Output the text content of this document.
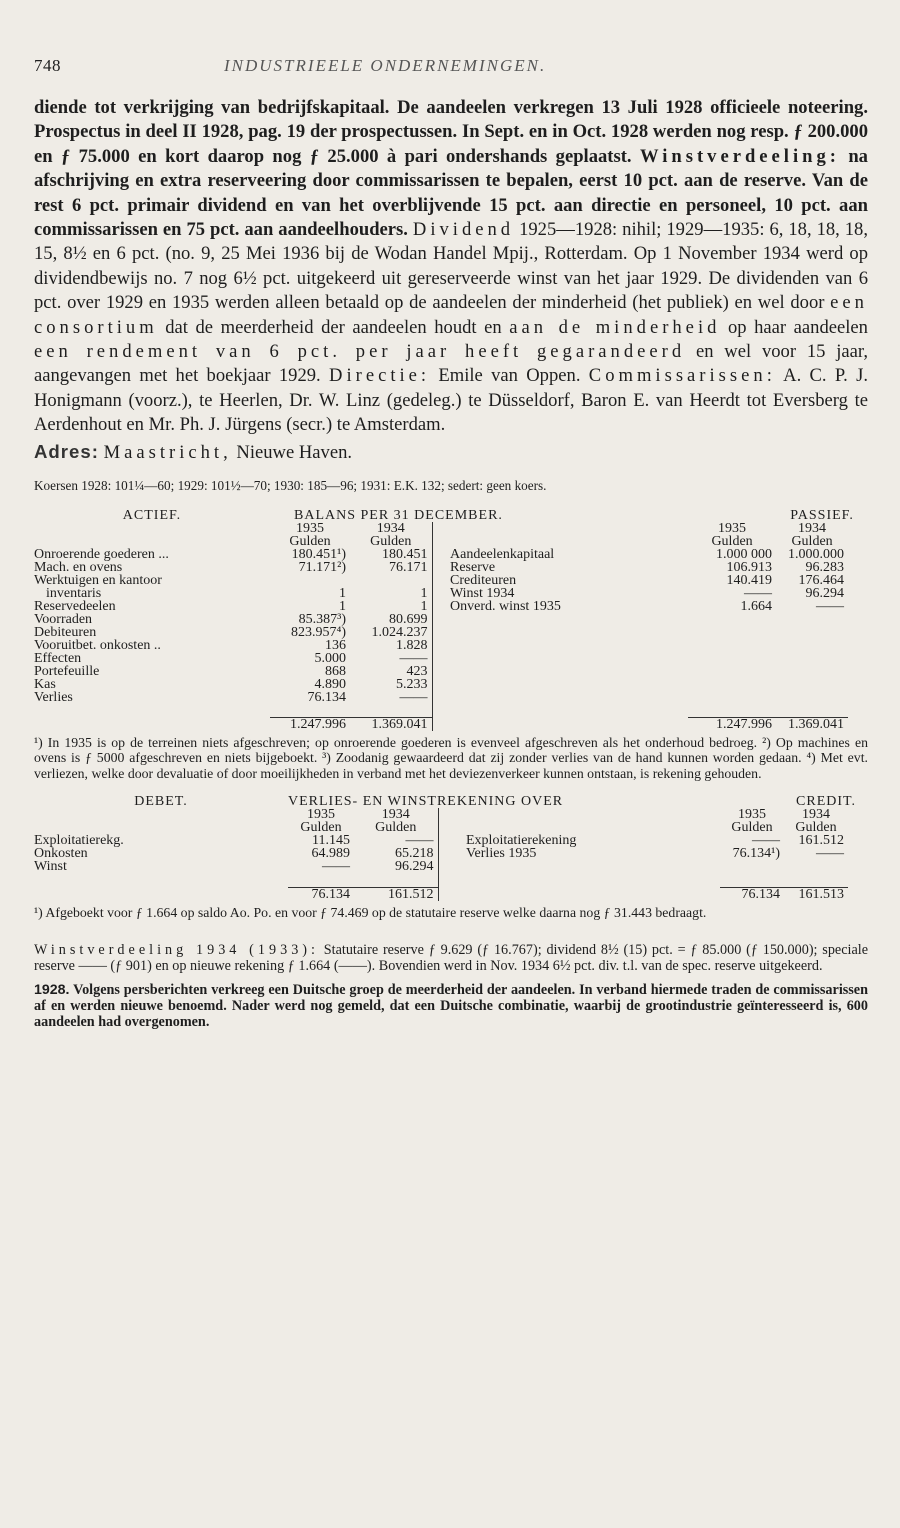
748	INDUSTRIEELE ONDERNEMINGEN.

diende tot verkrijging van bedrijfskapitaal. De aandeelen verkregen 13 Juli 1928 officieele noteering. Prospectus in deel II 1928, pag. 19 der prospectussen. In Sept. en in Oct. 1928 werden nog resp. ƒ 200.000 en ƒ 75.000 en kort daarop nog ƒ 25.000 à pari ondershands geplaatst. Winstverdeeling: na afschrijving en extra reserveering door commissarissen te bepalen, eerst 10 pct. aan de reserve. Van de rest 6 pct. primair dividend en van het overblijvende 15 pct. aan directie en personeel, 10 pct. aan commissarissen en 75 pct. aan aandeelhouders. Dividend 1925—1928: nihil; 1929—1935: 6, 18, 18, 18, 15, 8½ en 6 pct. (no. 9, 25 Mei 1936 bij de Wodan Handel Mpij., Rotterdam. Op 1 November 1934 werd op dividendbewijs no. 7 nog 6½ pct. uitgekeerd uit gereserveerde winst van het jaar 1929. De dividenden van 6 pct. over 1929 en 1935 werden alleen betaald op de aandeelen der minderheid (het publiek) en wel door een consortium dat de meerderheid der aandeelen houdt en aan de minderheid op haar aandeelen een rendement van 6 pct. per jaar heeft gegarandeerd en wel voor 15 jaar, aangevangen met het boekjaar 1929. Directie: Emile van Oppen. Commissarissen: A. C. P. J. Honigmann (voorz.), te Heerlen, Dr. W. Linz (gedeleg.) te Düsseldorf, Baron E. van Heerdt tot Eversberg te Aerdenhout en Mr. Ph. J. Jürgens (secr.) te Amsterdam.

Adres: Maastricht, Nieuwe Haven.
Koersen 1928: 101¼—60; 1929: 101½—70; 1930: 185—96; 1931: E.K. 132; sedert: geen koers.
ACTIEF.	BALANS PER 31 DECEMBER.					PASSIEF.	
	1935	1934			1935	1934	
	Gulden	Gulden			Gulden	Gulden	
Onroerende goederen ...	180.451¹)	180.451		Aandeelenkapitaal	1.000 000	1.000.000	
Mach. en ovens	71.171²)	76.171		Reserve	106.913	96.283	
Werktuigen en kantoor				Crediteuren	140.419	176.464	
inventaris	1	1		Winst 1934	——	96.294	
Reservedeelen	1	1		Onverd. winst 1935	1.664	——	
Voorraden	85.387³)	80.699					
Debiteuren	823.957⁴)	1.024.237					
Vooruitbet. onkosten ..	136	1.828					
Effecten	5.000	——					
Portefeuille	868	423					
Kas	4.890	5.233					
Verlies	76.134	——					

	1.247.996	1.369.041			1.247.996	1.369.041	
¹) In 1935 is op de terreinen niets afgeschreven; op onroerende goederen is evenveel afgeschreven als het onderhoud bedroeg. ²) Op machines en ovens is ƒ 5000 afgeschreven en niets bijgeboekt. ³) Zoodanig gewaardeerd dat zij zonder verlies van de hand kunnen worden gedaan. ⁴) Met evt. verliezen, welke door devaluatie of door moeilijkheden in verband met het deviezenverkeer kunnen ontstaan, is rekening gehouden.
DEBET.	VERLIES- EN WINSTREKENING OVER					CREDIT.	
	1935	1934			1935	1934	
	Gulden	Gulden			Gulden	Gulden	
Exploitatierekg.	11.145	——		Exploitatierekening	——	161.512	
Onkosten	64.989	65.218		Verlies 1935	76.134¹)	——	
Winst	——	96.294					

	76.134	161.512			76.134	161.513	
¹) Afgeboekt voor ƒ 1.664 op saldo Ao. Po. en voor ƒ 74.469 op de statutaire reserve welke daarna nog ƒ 31.443 bedraagt.
Winstverdeeling 1934 (1933): Statutaire reserve ƒ 9.629 (ƒ 16.767); dividend 8½ (15) pct. = ƒ 85.000 (ƒ 150.000); speciale reserve —— (ƒ 901) en op nieuwe rekening ƒ 1.664 (——). Bovendien werd in Nov. 1934 6½ pct. div. t.l. van de spec. reserve uitgekeerd.
1928. Volgens persberichten verkreeg een Duitsche groep de meerderheid der aandeelen. In verband hiermede traden de commissarissen af en werden nieuwe benoemd. Nader werd nog gemeld, dat een Duitsche combinatie, waarbij de grootindustrie geïnteresseerd is, 600 aandeelen had overgenomen.
